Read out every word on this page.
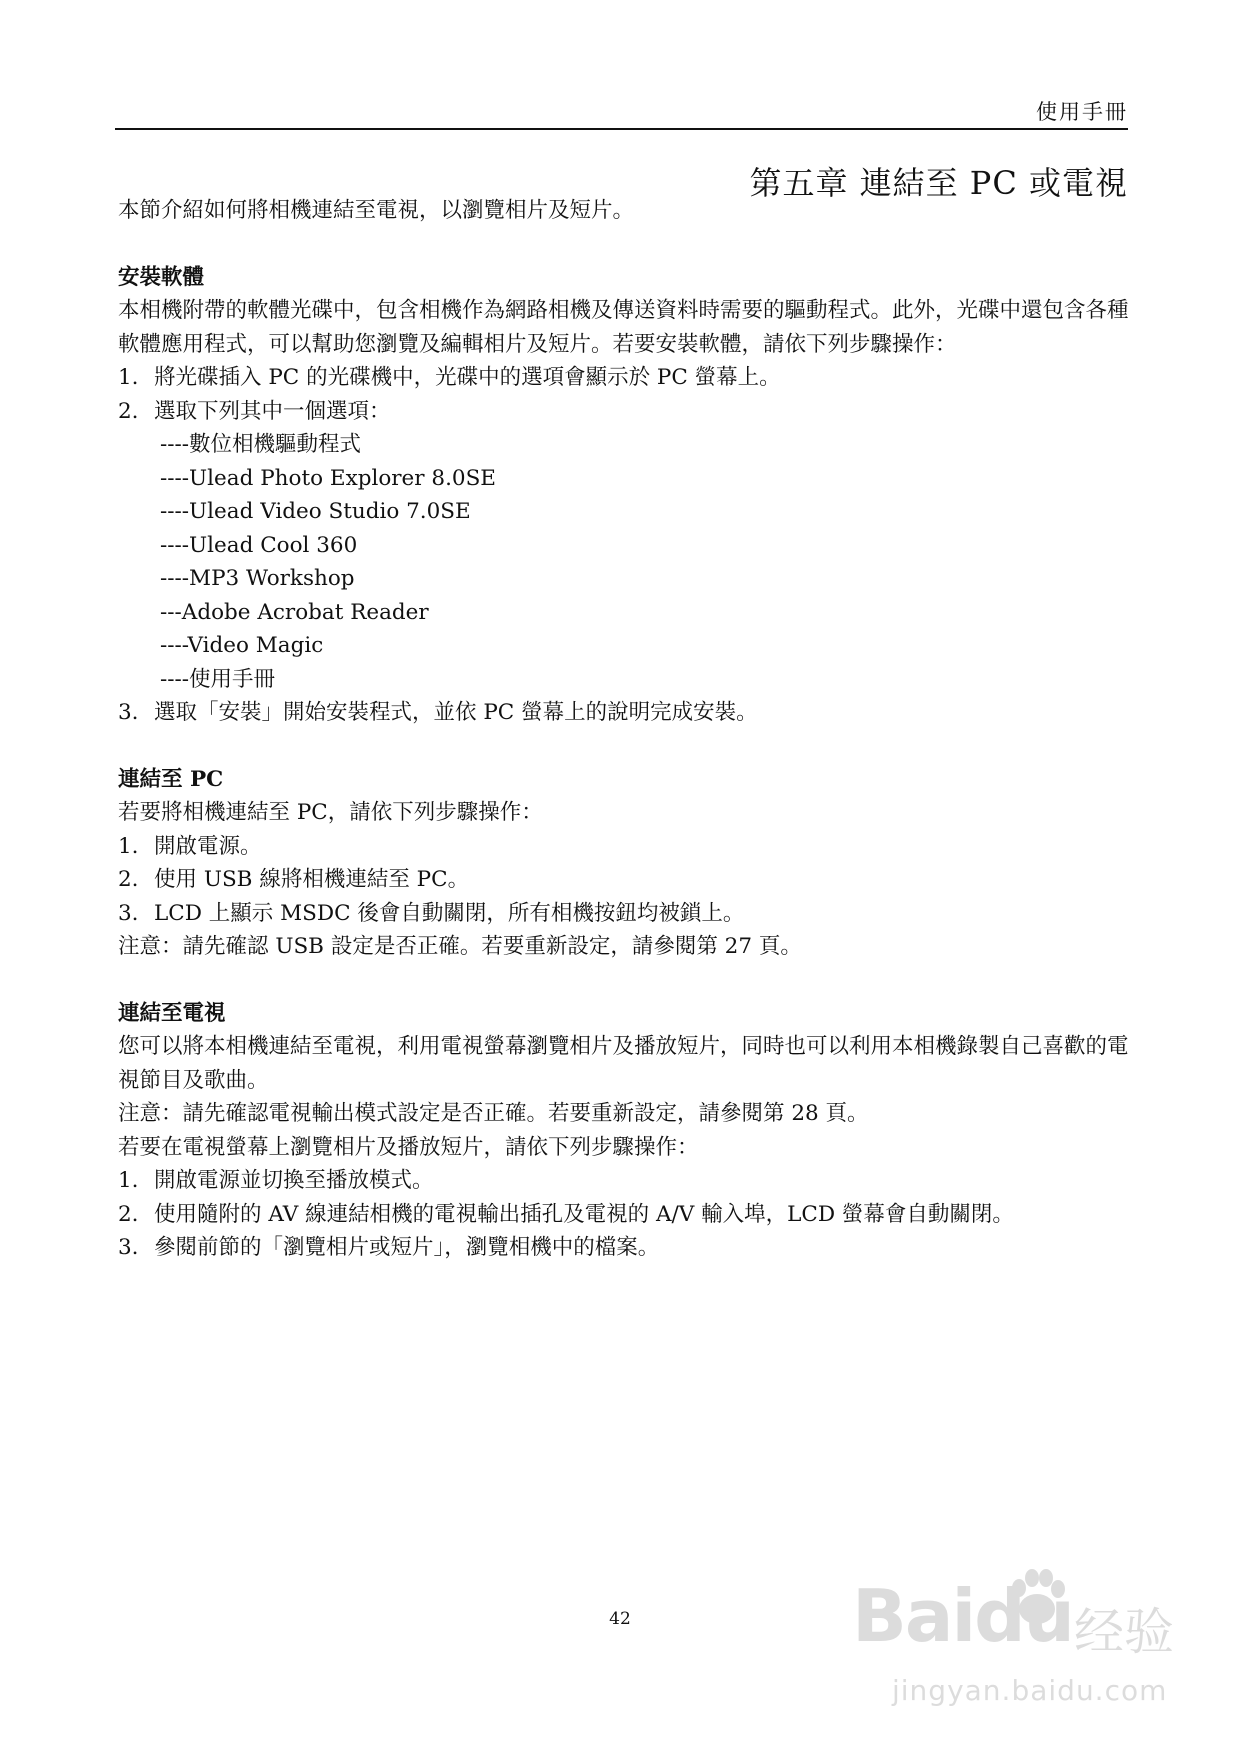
使用手冊
第五章 連結至 PC 或電視

本節介紹如何將相機連結至電視，以瀏覽相片及短片。

安裝軟體

本相機附帶的軟體光碟中，包含相機作為網路相機及傳送資料時需要的驅動程式。此外，光碟中還包含各種軟體應用程式，可以幫助您瀏覽及編輯相片及短片。若要安裝軟體，請依下列步驟操作：

1. 將光碟插入 PC 的光碟機中，光碟中的選項會顯示於 PC 螢幕上。
2. 選取下列其中一個選項：

----數位相機驅動程式

----Ulead Photo Explorer 8.0SE

----Ulead Video Studio 7.0SE

----Ulead Cool 360

----MP3 Workshop

---Adobe Acrobat Reader

----Video Magic

----使用手冊

3. 選取「安裝」開始安裝程式，並依 PC 螢幕上的說明完成安裝。

連結至 PC

若要將相機連結至 PC，請依下列步驟操作：

1. 開啟電源。
2. 使用 USB 線將相機連結至 PC。
3. LCD 上顯示 MSDC 後會自動關閉，所有相機按鈕均被鎖上。

注意：請先確認 USB 設定是否正確。若要重新設定，請參閱第 27 頁。

連結至電視

您可以將本相機連結至電視，利用電視螢幕瀏覽相片及播放短片，同時也可以利用本相機錄製自己喜歡的電視節目及歌曲。

注意：請先確認電視輸出模式設定是否正確。若要重新設定，請參閱第 28 頁。

若要在電視螢幕上瀏覽相片及播放短片，請依下列步驟操作：

1. 開啟電源並切換至播放模式。
2. 使用隨附的 AV 線連結相機的電視輸出插孔及電視的 A/V 輸入埠，LCD 螢幕會自動關閉。
3. 參閱前節的「瀏覽相片或短片」，瀏覽相機中的檔案。
42	Baidu 经验
jingyan.baidu.com
